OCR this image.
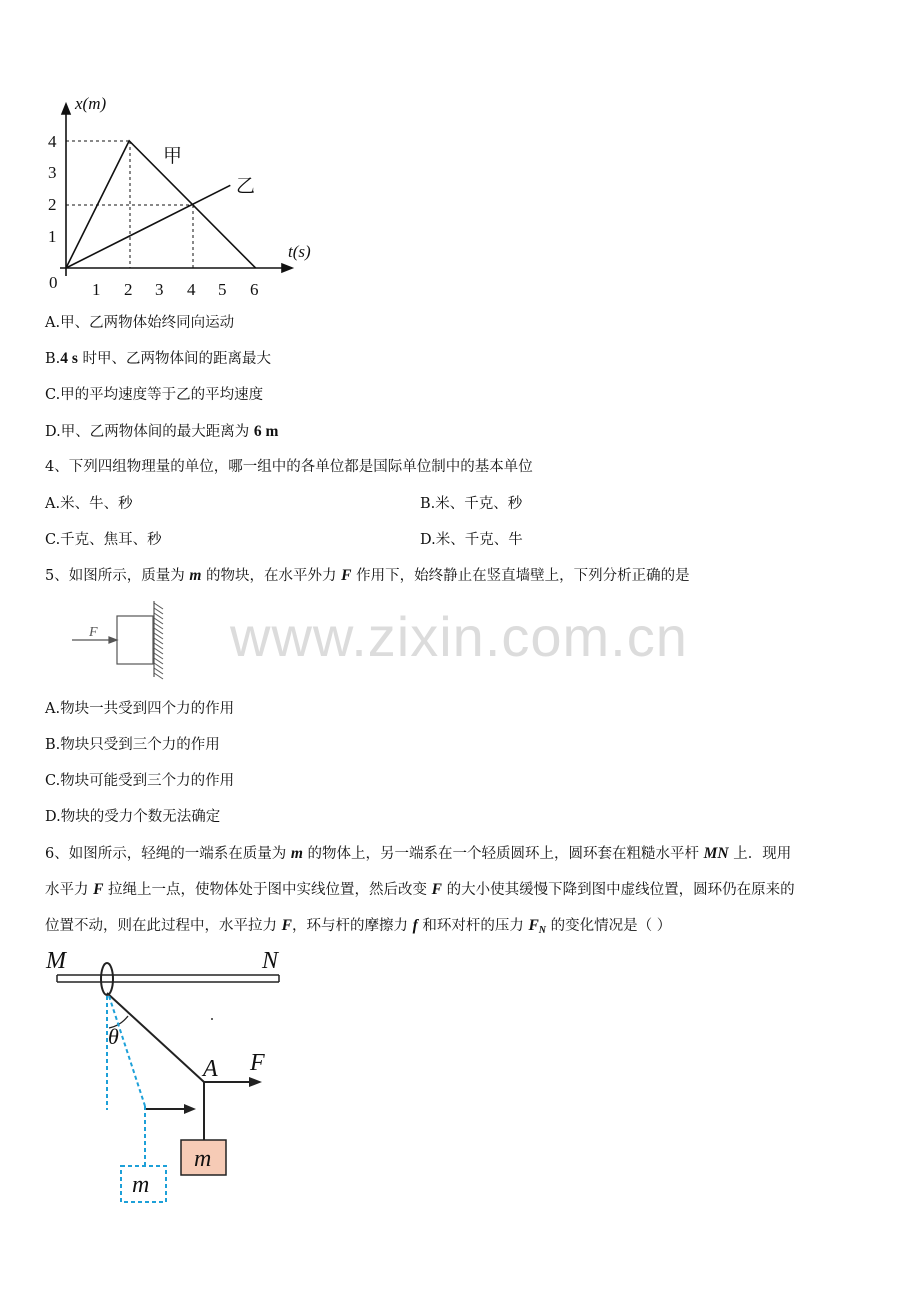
x(m)
t(s)
0
1
2
3
4
1 2 3 4 5 6
甲
乙
A.甲、乙两物体始终同向运动
B.4 s 时甲、乙两物体间的距离最大
C.甲的平均速度等于乙的平均速度
D.甲、乙两物体间的最大距离为 6 m
4、下列四组物理量的单位，哪一组中的各单位都是国际单位制中的基本单位
A.米、牛、秒	B.米、千克、秒
C.千克、焦耳、秒	D.米、千克、牛
5、如图所示，质量为 m 的物块，在水平外力 F 作用下，始终静止在竖直墙壁上，下列分析正确的是
F www.zixin.com.cn
A.物块一共受到四个力的作用
B.物块只受到三个力的作用
C.物块可能受到三个力的作用
D.物块的受力个数无法确定
6、如图所示，轻绳的一端系在质量为 m 的物体上，另一端系在一个轻质圆环上，圆环套在粗糙水平杆 MN 上．现用
水平力 F 拉绳上一点，使物体处于图中实线位置，然后改变 F 的大小使其缓慢下降到图中虚线位置，圆环仍在原来的
位置不动，则在此过程中，水平拉力 F，环与杆的摩擦力 f 和环对杆的压力 $F_N$ 的变化情况是（ ）
M	N
θ
A F
m
m
